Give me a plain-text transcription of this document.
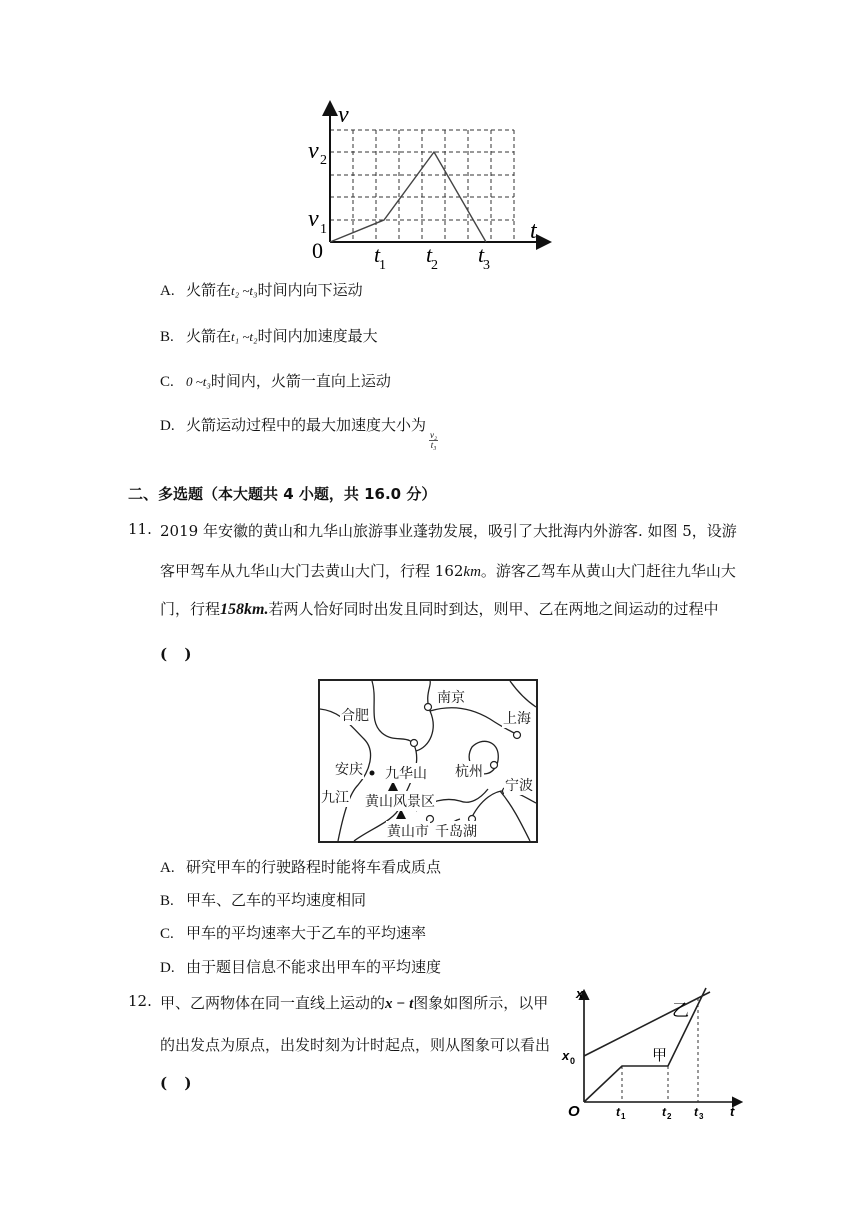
v
t
0
v 2
v 1
t
1 t
2 t
3
A. 火箭在t₂ ~t₃时间内向下运动
B. 火箭在t₁ ~t₂时间内加速度最大
C. 0 ~t₃时间内，火箭一直向上运动
D. 火箭运动过程中的最大加速度大小为
$\frac{\text{v₂}}{\text{t₃}}$
二、多选题（本大题共 4 小题，共 16.0 分）
11. 2019 年安徽的黄山和九华山旅游事业蓬勃发展，吸引了大批海内外游客. 如图 5，设游
客甲驾车从九华山大门去黄山大门，行程 162km。游客乙驾车从黄山大门赶往九华山大
门，行程158km.若两人恰好同时出发且同时到达，则甲、乙在两地之间运动的过程中
( )
合肥
南京
上海
安庆 九华山 杭州
宁波
九江 黄山风景区
黄山市 千岛湖
A. 研究甲车的行驶路程时能将车看成质点
B. 甲车、乙车的平均速度相同
C. 甲车的平均速率大于乙车的平均速率
D. 由于题目信息不能求出甲车的平均速度
12. 甲、乙两物体在同一直线上运动的x − t图象如图所示，以甲
的出发点为原点，出发时刻为计时起点，则从图象可以看出
( )
x
t
O
x 0
乙
甲
t 1	t 2 t 3
